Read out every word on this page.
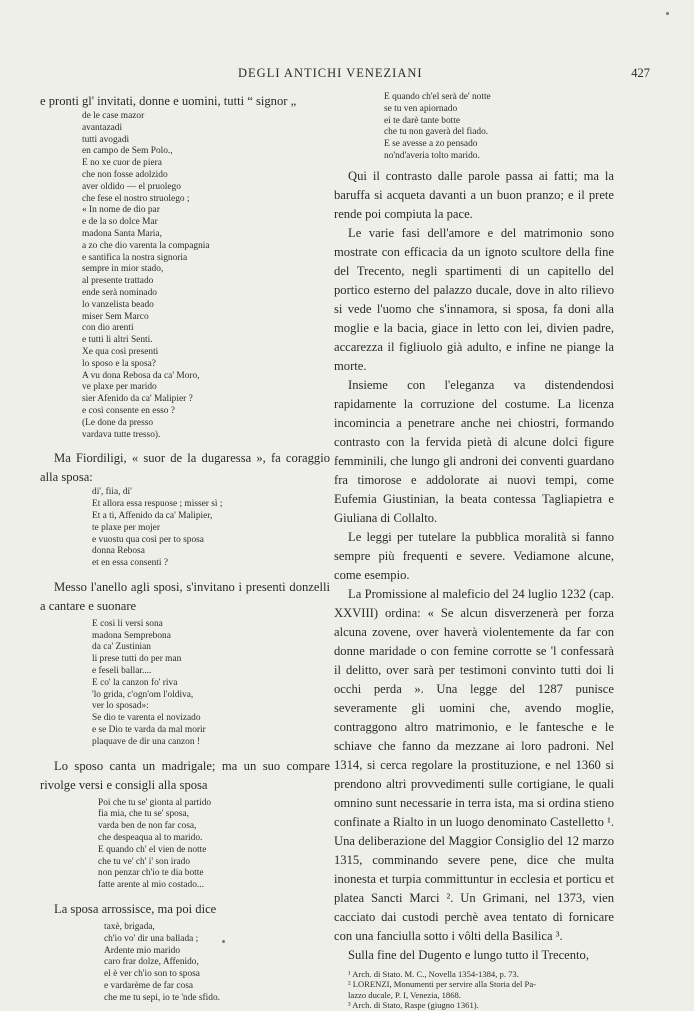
DEGLI ANTICHI VENEZIANI	427

e pronti gl' invitati, donne e uomini, tutti “ signor „

de le case mazor
avantazadi
tutti avogadi
en campo de Sem Polo.,
E no xe cuor de piera
che non fosse adolzido
aver oldido — el pruolego
che fese el nostro struolego ;
« In nome de dio par
e de la so dolce Mar
madona Santa Maria,
a zo che dio varenta la compagnia
e santifica la nostra signoria
sempre in mior stado,
al presente trattado
ende serà nominado
lo vanzelista beado
miser Sem Marco
con dio arenti
e tutti li altri Senti.
Xe qua così presenti
lo sposo e la sposa?
A vu dona Rebosa da ca' Moro,
ve plaxe per marido
sier Afenido da ca' Malipier ?
e così consente en esso ?
(Le done da presso
vardava tutte tresso).

Ma Fiordiligi, « suor de la dugaressa », fa coraggio alla sposa:

di', fiia, di'
Et allora essa respuose ; misser sì ;
Et a ti, Affenido da ca' Malipier,
te plaxe per mojer
e vuostu qua così per to sposa
donna Rebosa
et en essa consenti ?

Messo l'anello agli sposi, s'invitano i presenti donzelli a cantare e suonare

E così li versi sona
madona Semprebona
da ca' Zustinian
li prese tutti do per man
e feseli ballar....
E co' la canzon fo' riva
'lo grida, c'ogn'om l'oldiva,
ver lo sposad»:
Se dio te varenta el novizado
e se Dio te varda da mal morir
plaquave de dir una canzon !

Lo sposo canta un madrigale; ma un suo compare rivolge versi e consigli alla sposa

Poi che tu se' gionta al partido
fia mia, che tu se' sposa,
varda ben de non far cosa,
che despeaqua al to marido.
E quando ch' el vien de notte
che tu ve' ch' i' son irado
non penzar ch'io te dia botte
fatte arente al mio costado...

La sposa arrossisce, ma poi dice

taxè, brigada,
ch'io vo' dir una ballada ;
Ardente mio marido
caro frar dolze, Affenido,
el è ver ch'io son to sposa
e vardarème de far cosa
che me tu sepi, io te 'nde sfido.
E quando ch'el serà de' notte
se tu ven apiornado
ei te darè tante botte
che tu non gaverà del fiado.
E se avesse a zo pensado
no'nd'averia tolto marido.

Qui il contrasto dalle parole passa ai fatti; ma la baruffa si acqueta davanti a un buon pranzo; e il prete rende poi compiuta la pace.

Le varie fasi dell'amore e del matrimonio sono mostrate con efficacia da un ignoto scultore della fine del Trecento, negli spartimenti di un capitello del portico esterno del palazzo ducale, dove in alto rilievo si vede l'uomo che s'innamora, si sposa, fa doni alla moglie e la bacia, giace in letto con lei, divien padre, accarezza il figliuolo già adulto, e infine ne piange la morte.

Insieme con l'eleganza va distendendosi rapidamente la corruzione del costume. La licenza incomincia a penetrare anche nei chiostri, formando contrasto con la fervida pietà di alcune dolci figure femminili, che lungo gli androni dei conventi guardano fra timorose e addolorate ai nuovi tempi, come Eufemia Giustinian, la beata contessa Tagliapietra e Giuliana di Collalto.

Le leggi per tutelare la pubblica moralità si fanno sempre più frequenti e severe. Vediamone alcune, come esempio.

La Promissione al maleficio del 24 luglio 1232 (cap. XXVIII) ordina: « Se alcun disverzenerà per forza alcuna zovene, over haverà violentemente da far con donne maridade o con femine corrotte se 'l confessarà il delitto, over sarà per testimoni convinto tutti doi li occhi perda ». Una legge del 1287 punisce severamente gli uomini che, avendo moglie, contraggono altro matrimonio, e le fantesche e le schiave che fanno da mezzane ai loro padroni. Nel 1314, si cerca regolare la prostituzione, e nel 1360 si prendono altri provvedimenti sulle cortigiane, le quali omnino sunt necessarie in terra ista, ma si ordina stieno confinate a Rialto in un luogo denominato Castelletto ¹. Una deliberazione del Maggior Consiglio del 12 marzo 1315, comminando severe pene, dice che multa inonesta et turpia committuntur in ecclesia et porticu et platea Sancti Marci ². Un Grimani, nel 1373, vien cacciato dai custodi perchè avea tentato di fornicare con una fanciulla sotto i vôlti della Basilica ³.

Sulla fine del Dugento e lungo tutto il Trecento,

¹ Arch. di Stato. M. C., Novella 1354-1384, p. 73.
² LORENZI, Monumenti per servire alla Storia del Pa-
lazzo ducale, P. I, Venezia, 1868.
³ Arch. di Stato, Raspe (giugno 1361).
